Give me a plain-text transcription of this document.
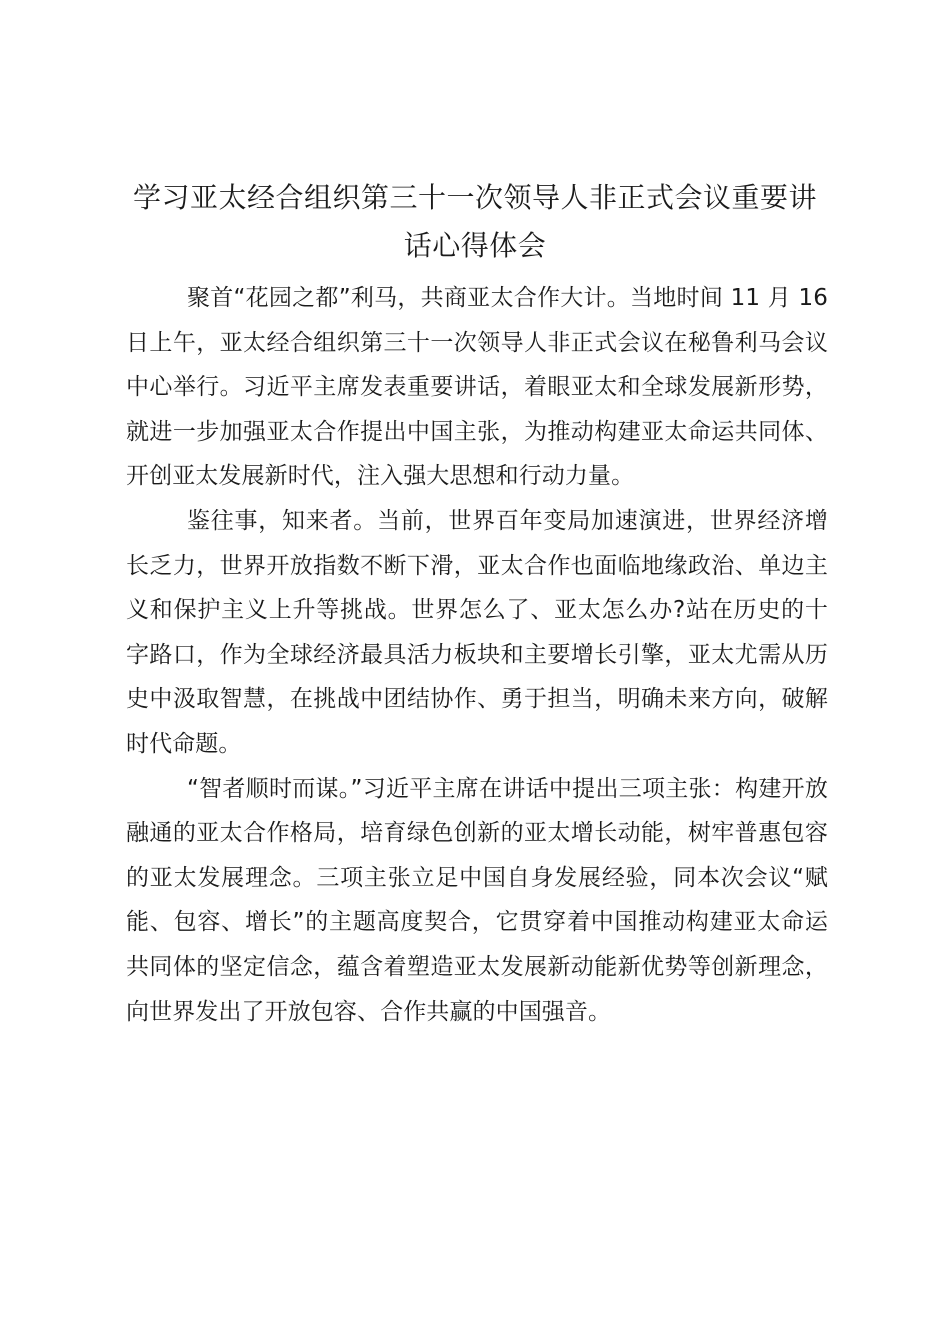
学习亚太经合组织第三十一次领导人非正式会议重要讲话心得体会

聚首“花园之都”利马，共商亚太合作大计。当地时间 11 月 16 日上午，亚太经合组织第三十一次领导人非正式会议在秘鲁利马会议中心举行。习近平主席发表重要讲话，着眼亚太和全球发展新形势，就进一步加强亚太合作提出中国主张，为推动构建亚太命运共同体、开创亚太发展新时代，注入强大思想和行动力量。

鉴往事，知来者。当前，世界百年变局加速演进，世界经济增长乏力，世界开放指数不断下滑，亚太合作也面临地缘政治、单边主义和保护主义上升等挑战。世界怎么了、亚太怎么办?站在历史的十字路口，作为全球经济最具活力板块和主要增长引擎，亚太尤需从历史中汲取智慧，在挑战中团结协作、勇于担当，明确未来方向，破解时代命题。

“智者顺时而谋。”习近平主席在讲话中提出三项主张：构建开放融通的亚太合作格局，培育绿色创新的亚太增长动能，树牢普惠包容的亚太发展理念。三项主张立足中国自身发展经验，同本次会议“赋能、包容、增长”的主题高度契合，它贯穿着中国推动构建亚太命运共同体的坚定信念，蕴含着塑造亚太发展新动能新优势等创新理念，向世界发出了开放包容、合作共赢的中国强音。
